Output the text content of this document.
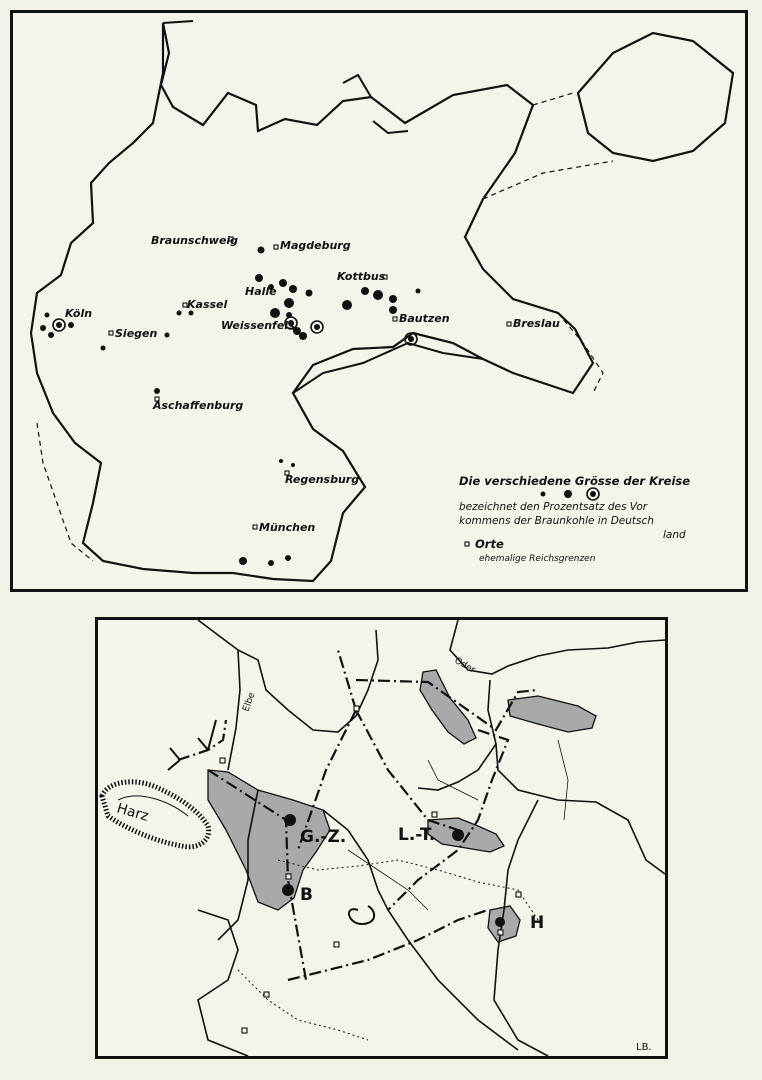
Braunschweig	Magdeburg
Halle
Kottbus
Kassel
Köln
Siegen
Weissenfels
Bautzen	Breslau
Aschaffenburg
Regensburg
München
Die verschiedene Grösse der Kreise
bezeichnet den Prozentsatz des Vor
kommens der Braunkohle in Deutsch
land
Orte
ehemalige Reichsgrenzen
Harz
G.-Z.
B
L.-T.
H
Elbe
Oder
LB.
